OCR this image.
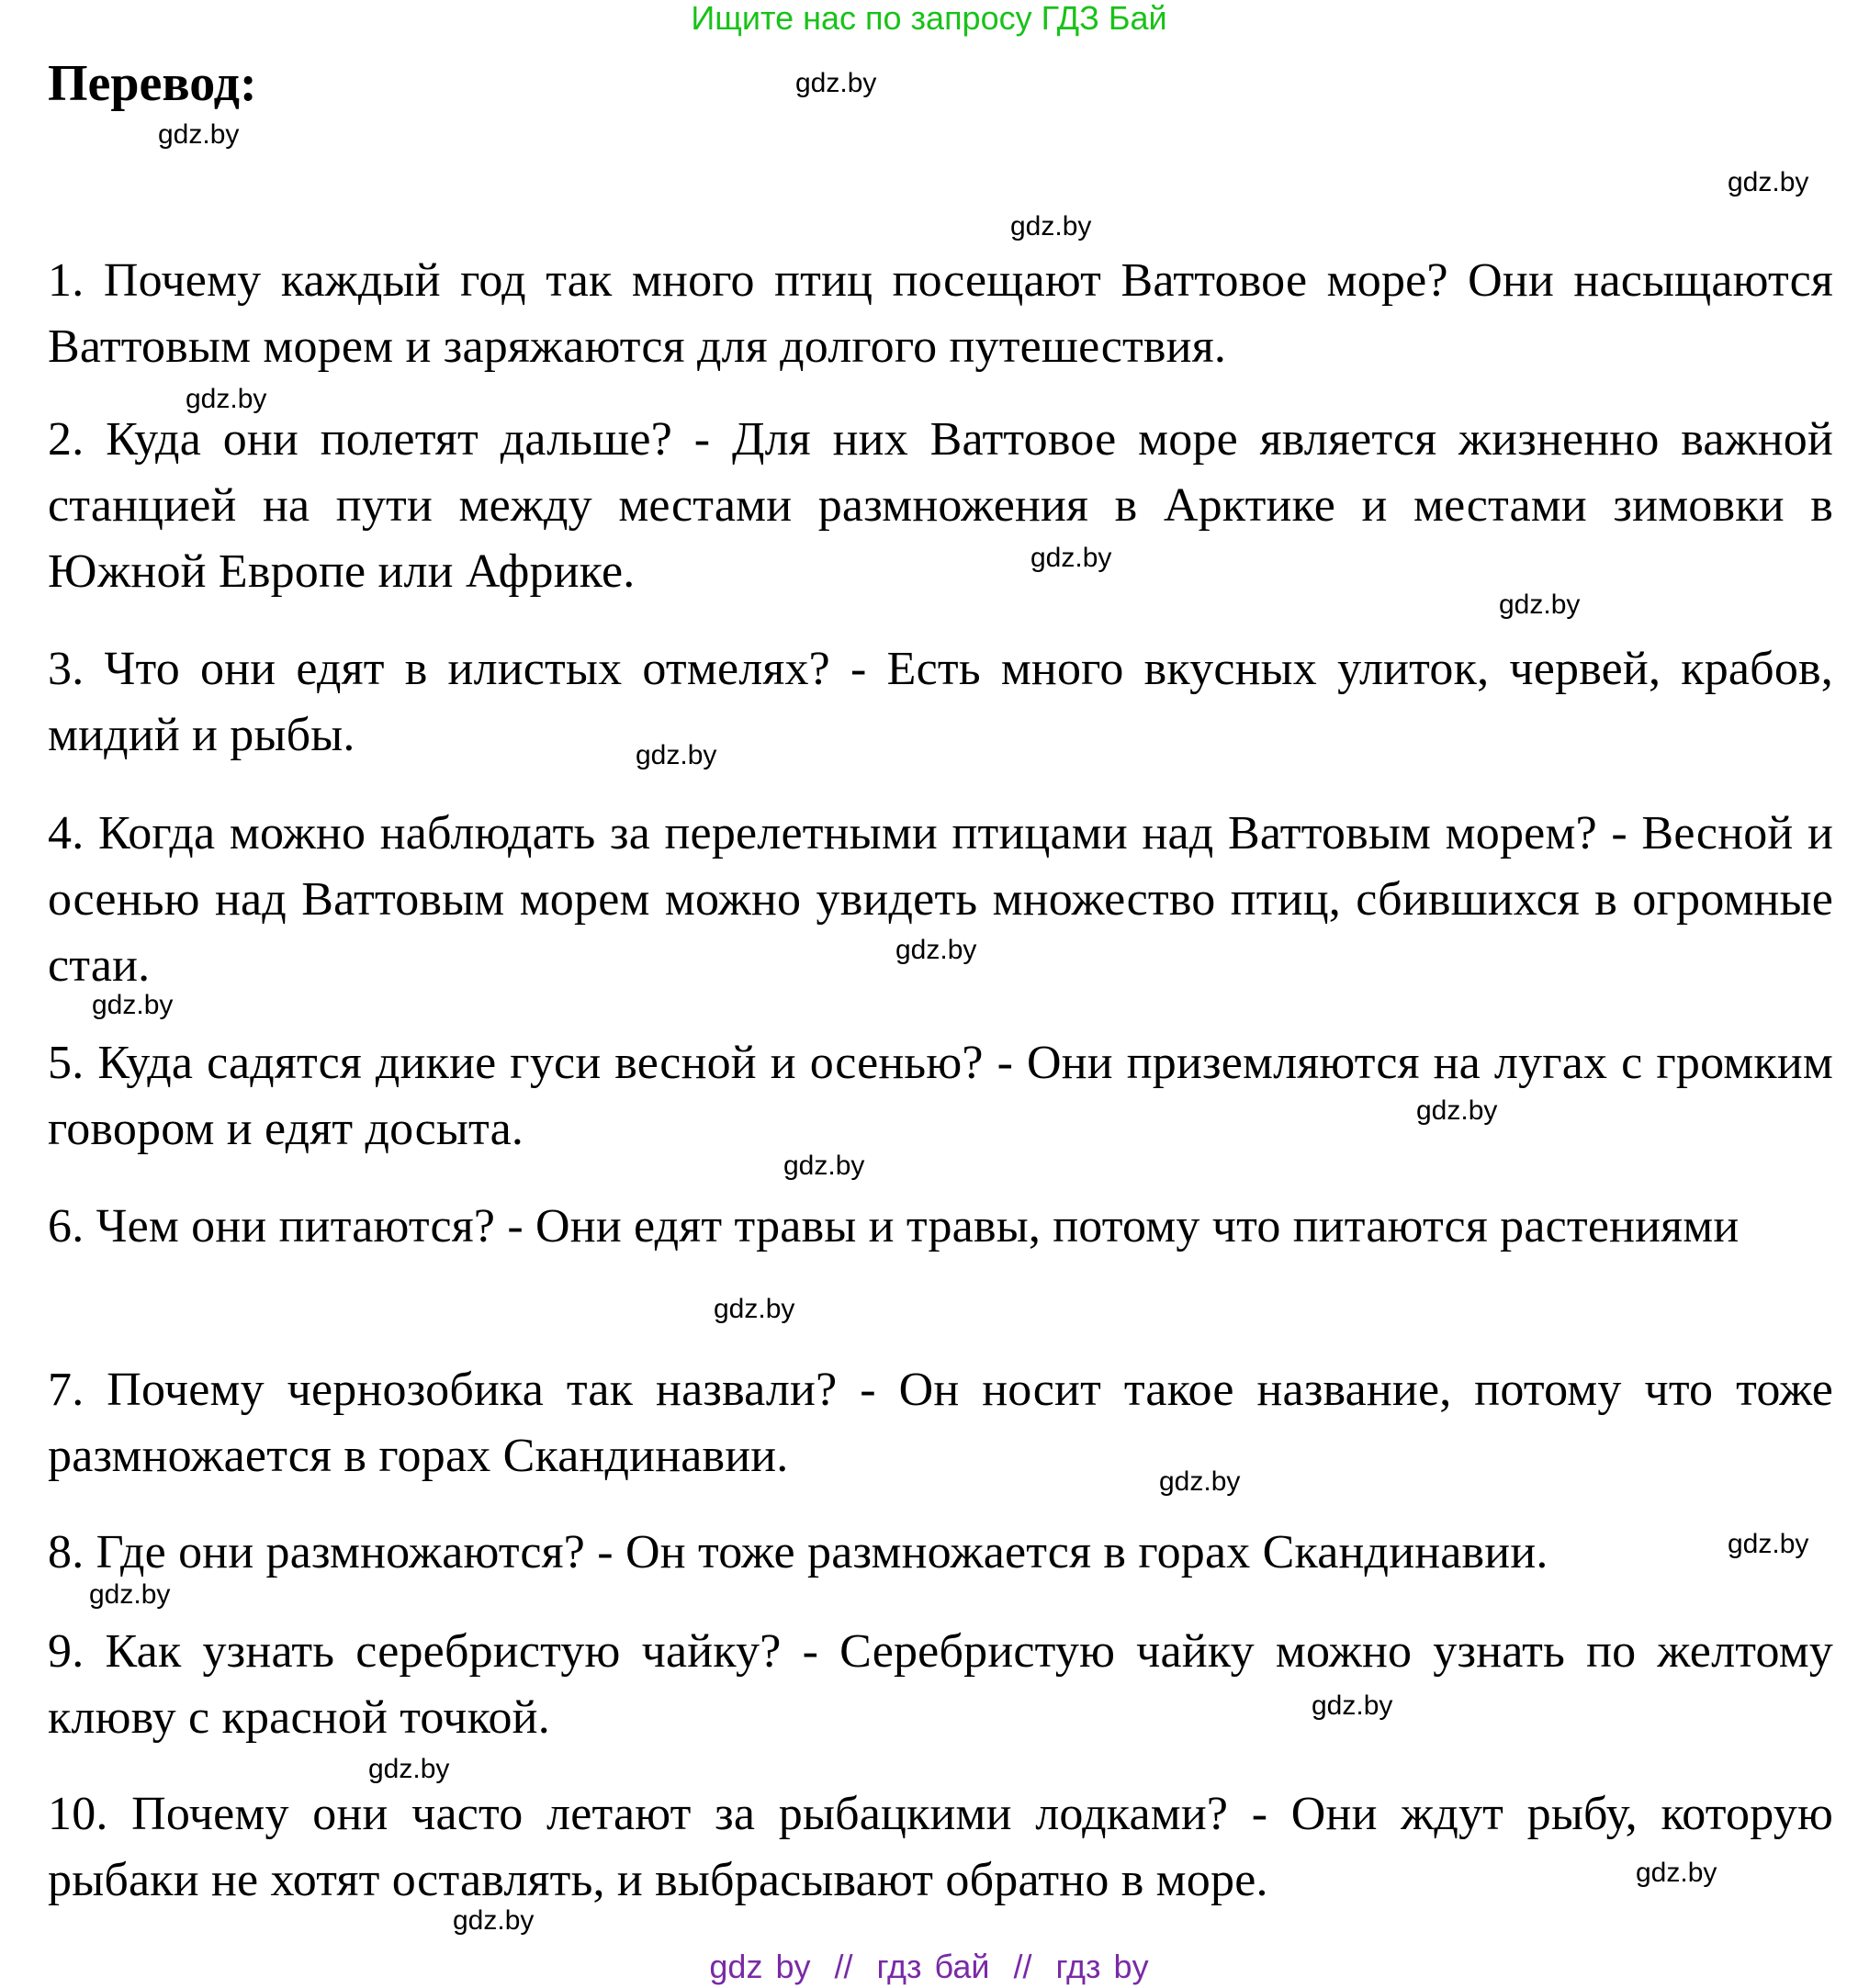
Ищите нас по запросу ГДЗ Бай
Перевод:
1. Почему каждый год так много птиц посещают Ваттовое море? Они насыщаются Ваттовым морем и заряжаются для долгого путешествия.
2. Куда они полетят дальше? - Для них Ваттовое море является жизненно важной станцией на пути между местами размножения в Арктике и местами зимовки в Южной Европе или Африке.
3. Что они едят в илистых отмелях? - Есть много вкусных улиток, червей, крабов, мидий и рыбы.
4. Когда можно наблюдать за перелетными птицами над Ваттовым морем? - Весной и осенью над Ваттовым морем можно увидеть множество птиц, сбившихся в огромные стаи.
5. Куда садятся дикие гуси весной и осенью? - Они приземляются на лугах с громким говором и едят досыта.
6. Чем они питаются? - Они едят травы и травы, потому что питаются растениями
7. Почему чернозобика так назвали? - Он носит такое название, потому что тоже размножается в горах Скандинавии.
8. Где они размножаются? - Он тоже размножается в горах Скандинавии.
9. Как узнать серебристую чайку? - Серебристую чайку можно узнать по желтому клюву с красной точкой.
10. Почему они часто летают за рыбацкими лодками? - Они ждут рыбу, которую рыбаки не хотят оставлять, и выбрасывают обратно в море.
gdz.by
gdz.by
gdz.by
gdz.by
gdz.by
gdz.by
gdz.by
gdz.by
gdz.by
gdz.by
gdz.by
gdz.by
gdz.by
gdz.by
gdz.by
gdz.by
gdz.by
gdz.by
gdz.by
gdz.by
gdz by // гдз бай // гдз by
